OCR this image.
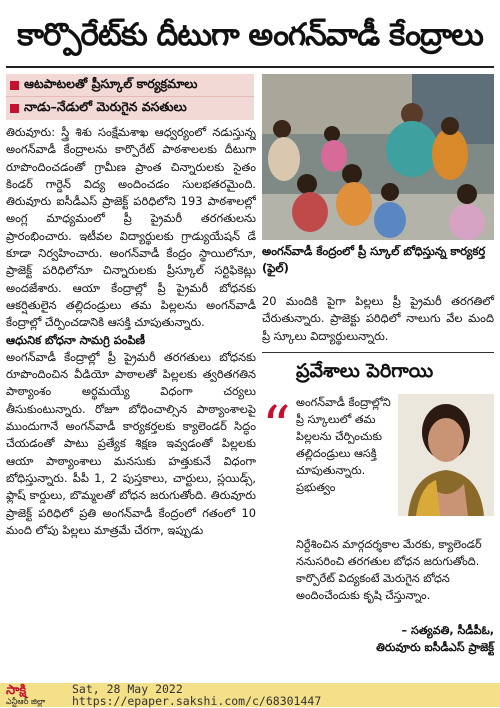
కార్పొరేట్‌కు దీటుగా అంగన్‌వాడీ కేంద్రాలు
ఆటపాటలతో ప్రీస్కూల్ కార్యక్రమాలు
నాడు–నేడులో మెరుగైన వసతులు

తిరువూరు: స్త్రీ శిశు సంక్షేమశాఖ ఆధ్వర్యంలో నడుస్తున్న అంగన్‌వాడీ కేంద్రాలను కార్పొరేట్ పాఠశాలలకు దీటుగా రూపొందించడంతో గ్రామీణ ప్రాంత చిన్నారులకు సైతం కిండర్ గార్డెన్ విద్య అందించడం సులభతరమైంది. తిరువూరు ఐసీడీఎస్ ప్రాజెక్ట్ పరిధిలోని 193 పాఠశాలల్లో అంగ్ల మాధ్యమంలో ప్రీ ప్రైమరీ తరగతులను ప్రారంభించారు. ఇటీవల విద్యార్థులకు గ్రాడ్యుయేషన్ డే కూడా నిర్వహించారు. అంగన్‌వాడీ కేంద్రం స్థాయిలోనూ, ప్రాజెక్ట్ పరిధిలోనూ చిన్నారులకు ప్రీస్కూల్ సర్టిఫికెట్లు అందజేశారు. ఆయా కేంద్రాల్లో ప్రీ ప్రైమరీ బోధనకు ఆకర్షితులైన తల్లిదండ్రులు తమ పిల్లలను అంగన్‌వాడీ కేంద్రాల్లో చేర్పించడానికి ఆసక్తి చూపుతున్నారు.

ఆధునిక బోధనా సామగ్రి పంపిణీ

అంగన్‌వాడీ కేంద్రాల్లో ప్రీ ప్రైమరీ తరగతులు బోధనకు రూపొందించిన వీడియో పాఠాలతో పిల్లలకు త్వరితగతిన పాఠ్యాంశం అర్థమయ్యే విధంగా చర్యలు తీసుకుంటున్నారు. రోజూ బోధించాల్సిన పాఠ్యాంశాలపై ముందుగానే అంగన్‌వాడీ కార్యకర్తలకు క్యాలెండర్ సిద్ధం చేయడంతో పాటు ప్రత్యేక శిక్షణ ఇవ్వడంతో పిల్లలకు ఆయా పాఠ్యాంశాలు మనసుకు హత్తుకునే విధంగా బోధిస్తున్నారు. పీపీ 1, 2 పుస్తకాలు, చార్టులు, స్లయిడ్స్, ఫ్లాష్ కార్డులు, బొమ్మలతో బోధన జరుగుతోంది. తిరువూరు ప్రాజెక్ట్ పరిధిలో ప్రతి అంగన్‌వాడీ కేంద్రంలో గతంలో 10 మంది లోపు పిల్లలు మాత్రమే చేరగా, ఇప్పుడు

అంగన్‌వాడీ కేంద్రంలో ప్రీ స్కూల్ బోధిస్తున్న కార్యకర్త (ఫైల్)

20 మందికి పైగా పిల్లలు ప్రీ ప్రైమరీ తరగతిలో చేరుతున్నారు. ప్రాజెక్టు పరిధిలో నాలుగు వేల మంది ప్రీ స్కూలు విద్యార్థులున్నారు.

ప్రవేశాలు పెరిగాయి
“ అంగన్‌వాడీ కేంద్రాల్లోని ప్రీ స్కూలులో తమ పిల్లలను చేర్పించుకు తల్లిదండ్రులు ఆసక్తి చూపుతున్నారు. ప్రభుత్వం

నిర్దేశించిన మార్గదర్శకాల మేరకు, క్యాలెండర్ ననుసరించి తరగతుల బోధన జరుగుతోంది. కార్పొరేట్ విద్యకంటే మెరుగైన బోధన అందించేందుకు కృషి చేస్తున్నాం.

– సత్యవతి, సీడీపీఓ,

తిరువూరు ఐసీడీఎస్ ప్రాజెక్ట్

సాక్షి
ఎన్టీఆర్ జిల్లా
Sat, 28 May 2022
https://epaper.sakshi.com/c/68301447
